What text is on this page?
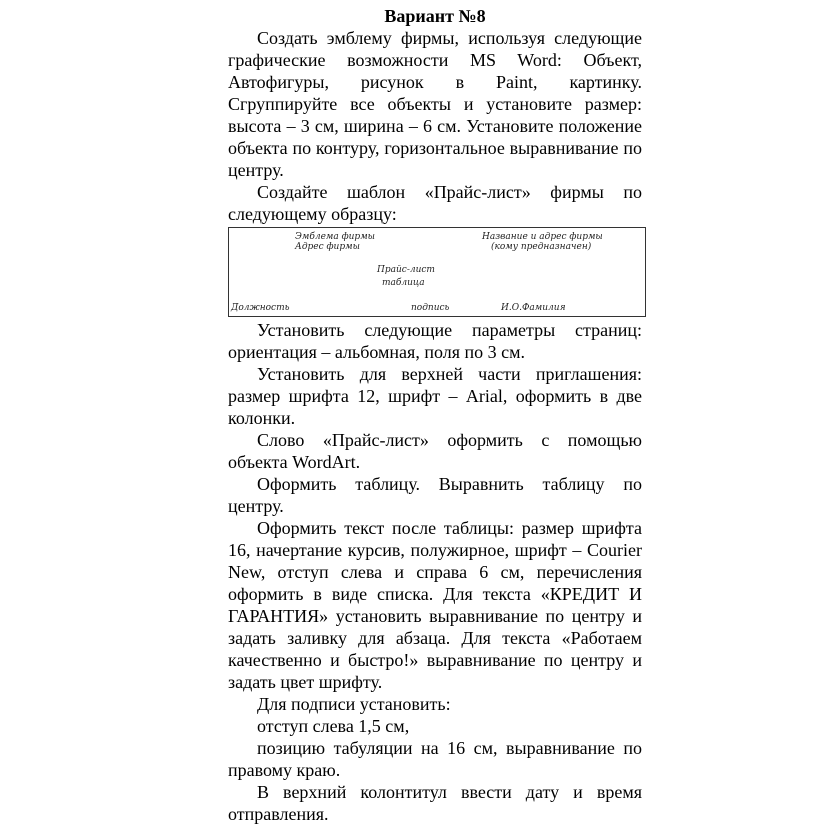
Вариант №8

Создать эмблему фирмы, используя следующие графические возможности MS Word: Объект, Автофигуры, рисунок в Paint, картинку. Сгруппируйте все объекты и установите размер: высота – 3 см, ширина – 6 см. Установите положение объекта по контуру, горизонтальное выравнивание по центру.

Создайте шаблон «Прайс-лист» фирмы по следующему образцу:

Эмблема фирмы
Адрес фирмы
Название и адрес фирмы
(кому предназначен)
Прайс-лист
таблица
Должность	подпись	И.О.Фамилия

Установить следующие параметры страниц: ориентация – альбомная, поля по 3 см.

Установить для верхней части приглашения: размер шрифта 12, шрифт – Arial, оформить в две колонки.

Слово «Прайс-лист» оформить с помощью объекта WordArt.

Оформить таблицу. Выравнить таблицу по центру.

Оформить текст после таблицы: размер шрифта 16, начертание курсив, полужирное, шрифт – Courier New, отступ слева и справа 6 см, перечисления оформить в виде списка. Для текста «КРЕДИТ И ГАРАНТИЯ» установить выравнивание по центру и задать заливку для абзаца. Для текста «Работаем качественно и быстро!» выравнивание по центру и задать цвет шрифту.

Для подписи установить:

отступ слева 1,5 см,

позицию табуляции на 16 см, выравнивание по правому краю.

В верхний колонтитул ввести дату и время отправления.
